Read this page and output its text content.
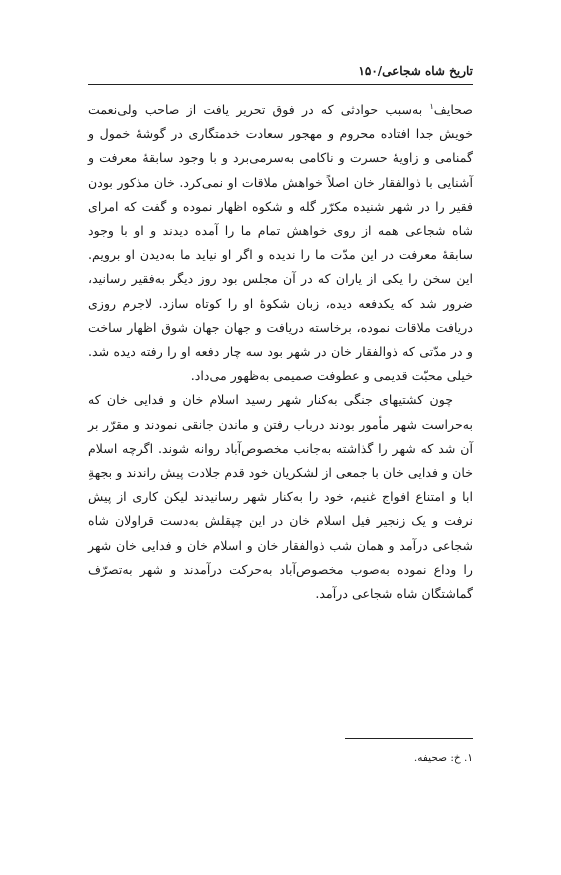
تاریخ شاه شجاعی/۱۵۰

صحایف$^۱$ به‌سبب حوادثی که در فوق تحریر یافت از صاحب ولی‌نعمت خویش جدا افتاده محروم و مهجور سعادت خدمتگاری در گوشهٔ خمول و گمنامی و زاویهٔ حسرت و ناکامی به‌سرمی‌برد و با وجود سابقهٔ معرفت و آشنایی با ذوالفقار خان اصلاً خواهش ملاقات او نمی‌کرد. خان مذکور بودن فقیر را در شهر شنیده مکرّر گله و شکوه اظهار نموده و گفت که امرای شاه شجاعی همه از روی خواهش تمام ما را آمده دیدند و او با وجود سابقهٔ معرفت در این مدّت ما را ندیده و اگر او نیاید ما به‌دیدن او برویم. این سخن را یکی از یاران که در آن مجلس بود روز دیگر به‌فقیر رسانید، ضرور شد که یکدفعه دیده، زبان شکوهٔ او را کوتاه سازد. لاجرم روزی دریافت ملاقات نموده، برخاسته دریافت و جهان جهان شوق اظهار ساخت و در مدّتی که ذوالفقار خان در شهر بود سه چار دفعه او را رفته دیده شد. خیلی محبّت قدیمی و عطوفت صمیمی به‌ظهور می‌داد.

چون کشتیهای جنگی به‌کنار شهر رسید اسلام خان و فدایی خان که به‌حراست شهر مأمور بودند درباب رفتن و ماندن جانقی نمودند و مقرّر بر آن شد که شهر را گذاشته به‌جانب مخصوص‌آباد روانه شوند. اگرچه اسلام خان و فدایی خان با جمعی از لشکریان خود قدم جلادت پیش راندند و بجهةِ ابا و امتناع افواج غنیم، خود را به‌کنار شهر رسانیدند لیکن کاری از پیش نرفت و یک زنجیر فیل اسلام خان در این چپقلش به‌دست قراولان شاه شجاعی درآمد و همان شب ذوالفقار خان و اسلام خان و فدایی خان شهر را وداع نموده به‌صوب مخصوص‌آباد به‌حرکت درآمدند و شهر به‌تصرّف گماشتگان شاه شجاعی درآمد.

۱. خ: صحیفه.
